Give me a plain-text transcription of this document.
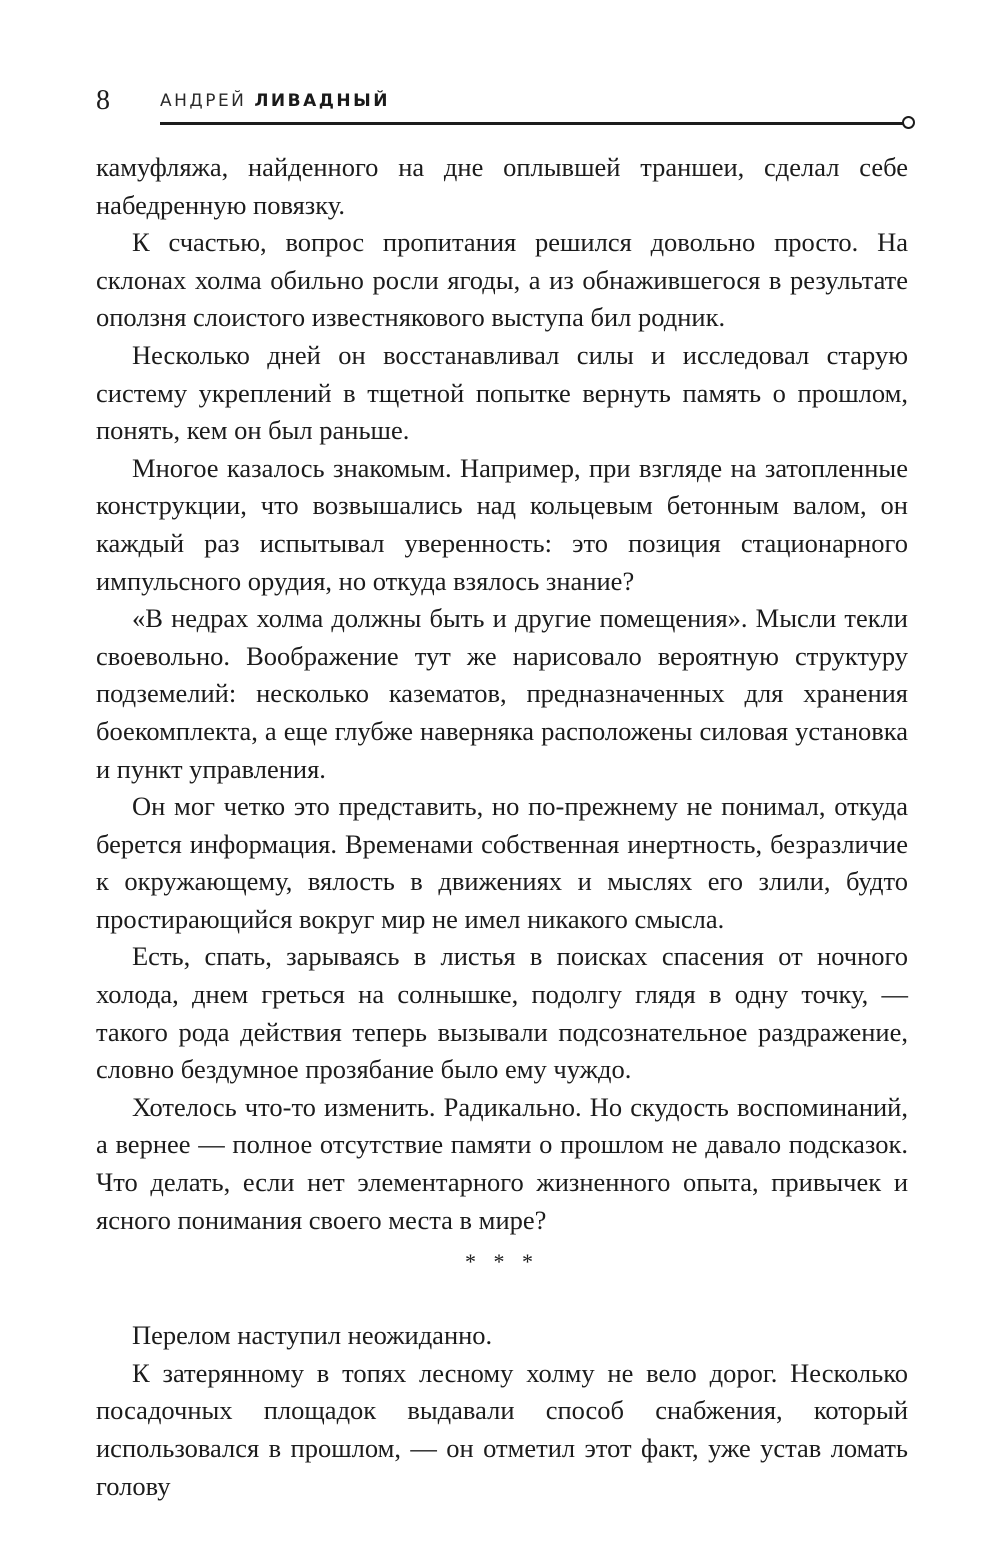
8	АНДРЕЙ ЛИВАДНЫЙ

камуфляжа, найденного на дне оплывшей траншеи, сделал себе набедренную повязку.

К счастью, вопрос пропитания решился довольно просто. На склонах холма обильно росли ягоды, а из обнажившегося в результате оползня слоистого известнякового выступа бил родник.

Несколько дней он восстанавливал силы и исследовал старую систему укреплений в тщетной попытке вернуть память о прошлом, понять, кем он был раньше.

Многое казалось знакомым. Например, при взгляде на затопленные конструкции, что возвышались над кольцевым бетонным валом, он каждый раз испытывал уверенность: это позиция стационарного импульсного орудия, но откуда взялось знание?

«В недрах холма должны быть и другие помещения». Мысли текли своевольно. Воображение тут же нарисовало вероятную структуру подземелий: несколько казематов, предназначенных для хранения боекомплекта, а еще глубже наверняка расположены силовая установка и пункт управления.

Он мог четко это представить, но по-прежнему не понимал, откуда берется информация. Временами собственная инертность, безразличие к окружающему, вялость в движениях и мыслях его злили, будто простирающийся вокруг мир не имел никакого смысла.

Есть, спать, зарываясь в листья в поисках спасения от ночного холода, днем греться на солнышке, подолгу глядя в одну точку, — такого рода действия теперь вызывали подсознательное раздражение, словно бездумное прозябание было ему чуждо.

Хотелось что-то изменить. Радикально. Но скудость воспоминаний, а вернее — полное отсутствие памяти о прошлом не давало подсказок. Что делать, если нет элементарного жизненного опыта, привычек и ясного понимания своего места в мире?

* * *

Перелом наступил неожиданно.

К затерянному в топях лесному холму не вело дорог. Несколько посадочных площадок выдавали способ снабжения, который использовался в прошлом, — он отметил этот факт, уже устав ломать голову
